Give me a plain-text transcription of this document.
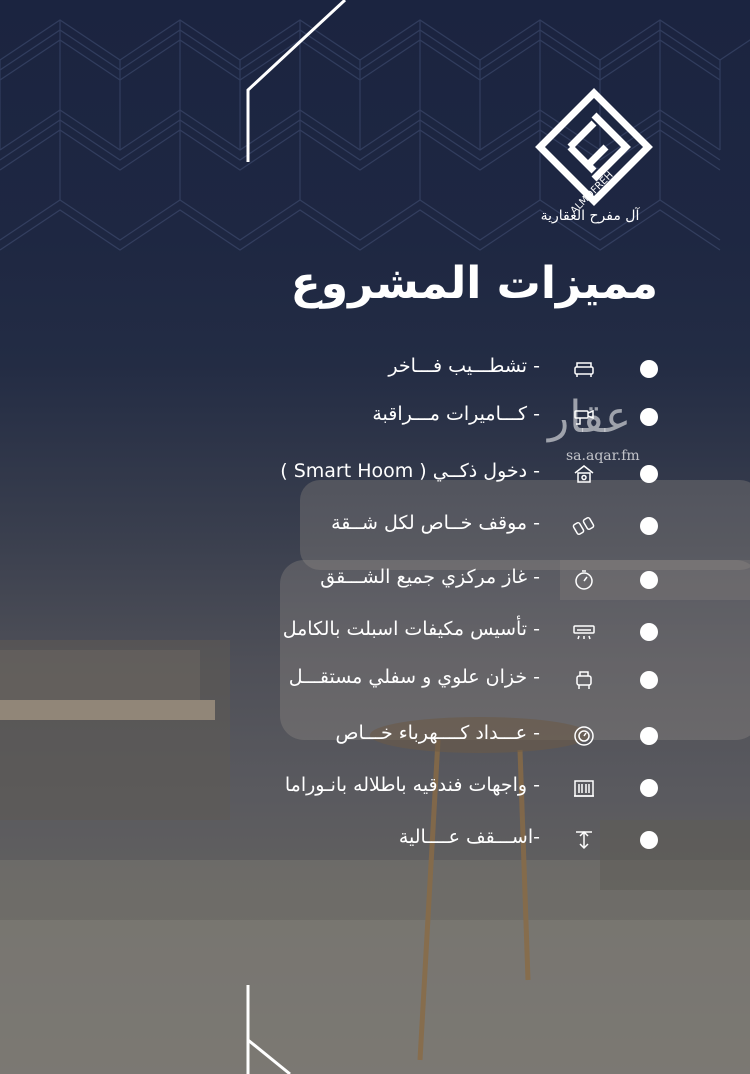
ALMOFREH
آل مفرح العقارية
مميزات المشروع
- تشطـــيب فـــاخر
- كـــاميرات مـــراقبة
- دخول ذكــي ( Smart Hoom )
- موقف خــاص لكل شــقة
- غاز مركزي جميع الشـــقق
- تأسيس مكيفات اسبلت بالكامل
- خزان علوي و سفلي مستقـــل
- عـــداد كــــهرباء خـــاص
- واجهات فندقيه باطلاله بانـوراما
-اســـقف عــــالية
عقار
sa.aqar.fm
